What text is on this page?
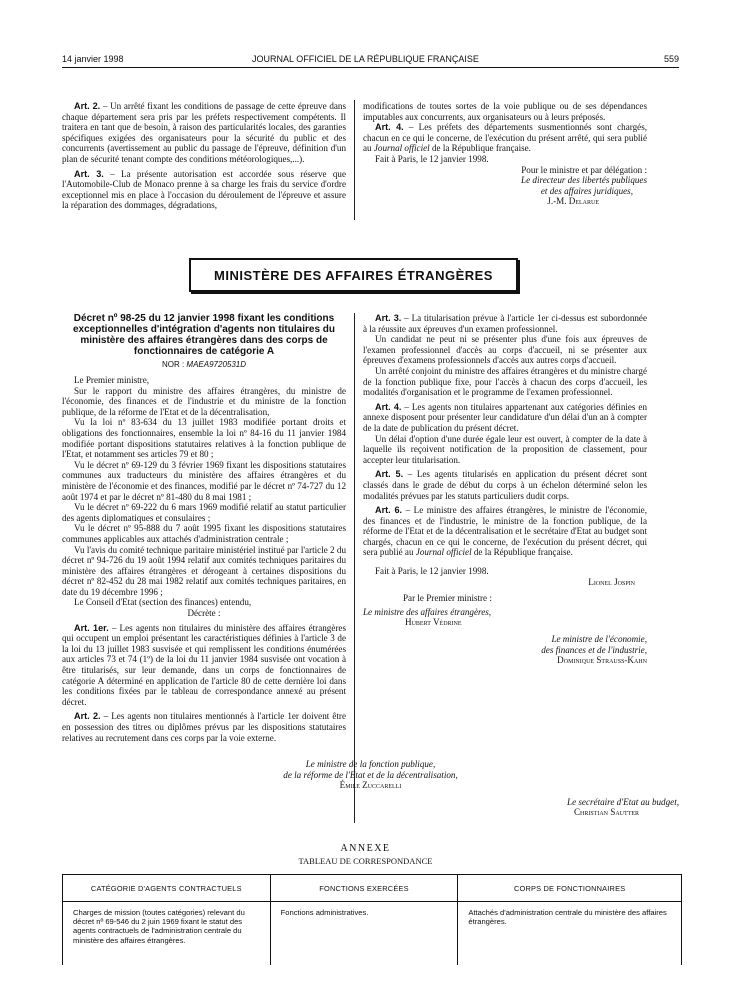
14 janvier 1998	JOURNAL OFFICIEL DE LA RÉPUBLIQUE FRANÇAISE	559

Art. 2. – Un arrêté fixant les conditions de passage de cette épreuve dans chaque département sera pris par les préfets respectivement compétents. Il traitera en tant que de besoin, à raison des particularités locales, des garanties spécifiques exigées des organisateurs pour la sécurité du public et des concurrents (avertissement au public du passage de l'épreuve, définition d'un plan de sécurité tenant compte des conditions météorologiques,...).

Art. 3. – La présente autorisation est accordée sous réserve que l'Automobile-Club de Monaco prenne à sa charge les frais du service d'ordre exceptionnel mis en place à l'occasion du déroulement de l'épreuve et assure la réparation des dommages, dégradations,

modifications de toutes sortes de la voie publique ou de ses dépendances imputables aux concurrents, aux organisateurs ou à leurs préposés.

Art. 4. – Les préfets des départements susmentionnés sont chargés, chacun en ce qui le concerne, de l'exécution du présent arrêté, qui sera publié au Journal officiel de la République française.

Fait à Paris, le 12 janvier 1998.

Pour le ministre et par délégation :

Le directeur des libertés publiques

et des affaires juridiques,

J.-M. Delarue

MINISTÈRE DES AFFAIRES ÉTRANGÈRES
Décret nº 98-25 du 12 janvier 1998 fixant les conditions exceptionnelles d'intégration d'agents non titulaires du ministère des affaires étrangères dans des corps de fonctionnaires de catégorie A
NOR : MAEA9720531D

Le Premier ministre,

Sur le rapport du ministre des affaires étrangères, du ministre de l'économie, des finances et de l'industrie et du ministre de la fonction publique, de la réforme de l'Etat et de la décentralisation,

Vu la loi nº 83-634 du 13 juillet 1983 modifiée portant droits et obligations des fonctionnaires, ensemble la loi nº 84-16 du 11 janvier 1984 modifiée portant dispositions statutaires relatives à la fonction publique de l'Etat, et notamment ses articles 79 et 80 ;

Vu le décret nº 69-129 du 3 février 1969 fixant les dispositions statutaires communes aux traducteurs du ministère des affaires étrangères et du ministère de l'économie et des finances, modifié par le décret nº 74-727 du 12 août 1974 et par le décret nº 81-480 du 8 mai 1981 ;

Vu le décret nº 69-222 du 6 mars 1969 modifié relatif au statut particulier des agents diplomatiques et consulaires ;

Vu le décret nº 95-888 du 7 août 1995 fixant les dispositions statutaires communes applicables aux attachés d'administration centrale ;

Vu l'avis du comité technique paritaire ministériel institué par l'article 2 du décret nº 94-726 du 19 août 1994 relatif aux comités techniques paritaires du ministère des affaires étrangères et dérogeant à certaines dispositions du décret nº 82-452 du 28 mai 1982 relatif aux comités techniques paritaires, en date du 19 décembre 1996 ;

Le Conseil d'Etat (section des finances) entendu,

Décrète :

Art. 1er. – Les agents non titulaires du ministère des affaires étrangères qui occupent un emploi présentant les caractéristiques définies à l'article 3 de la loi du 13 juillet 1983 susvisée et qui remplissent les conditions énumérées aux articles 73 et 74 (1º) de la loi du 11 janvier 1984 susvisée ont vocation à être titularisés, sur leur demande, dans un corps de fonctionnaires de catégorie A déterminé en application de l'article 80 de cette dernière loi dans les conditions fixées par le tableau de correspondance annexé au présent décret.

Art. 2. – Les agents non titulaires mentionnés à l'article 1er doivent être en possession des titres ou diplômes prévus par les dispositions statutaires relatives au recrutement dans ces corps par la voie externe.

Art. 3. – La titularisation prévue à l'article 1er ci-dessus est subordonnée à la réussite aux épreuves d'un examen professionnel.

Un candidat ne peut ni se présenter plus d'une fois aux épreuves de l'examen professionnel d'accès au corps d'accueil, ni se présenter aux épreuves d'examens professionnels d'accès aux autres corps d'accueil.

Un arrêté conjoint du ministre des affaires étrangères et du ministre chargé de la fonction publique fixe, pour l'accès à chacun des corps d'accueil, les modalités d'organisation et le programme de l'examen professionnel.

Art. 4. – Les agents non titulaires appartenant aux catégories définies en annexe disposent pour présenter leur candidature d'un délai d'un an à compter de la date de publication du présent décret.

Un délai d'option d'une durée égale leur est ouvert, à compter de la date à laquelle ils reçoivent notification de la proposition de classement, pour accepter leur titularisation.

Art. 5. – Les agents titularisés en application du présent décret sont classés dans le grade de début du corps à un échelon déterminé selon les modalités prévues par les statuts particuliers dudit corps.

Art. 6. – Le ministre des affaires étrangères, le ministre de l'économie, des finances et de l'industrie, le ministre de la fonction publique, de la réforme de l'Etat et de la décentralisation et le secrétaire d'Etat au budget sont chargés, chacun en ce qui le concerne, de l'exécution du présent décret, qui sera publié au Journal officiel de la République française.

Fait à Paris, le 12 janvier 1998.

Lionel Jospin

Par le Premier ministre :

Le ministre des affaires étrangères,

Hubert Védrine

Le ministre de l'économie,

des finances et de l'industrie,

Dominique Strauss-Kahn

Le ministre de la fonction publique,

de la réforme de l'Etat et de la décentralisation,

Émile Zuccarelli

Le secrétaire d'Etat au budget,

Christian Sautter

ANNEXE
TABLEAU DE CORRESPONDANCE
CATÉGORIE D'AGENTS CONTRACTUELS	FONCTIONS EXERCÉES	CORPS DE FONCTIONNAIRES
Charges de mission (toutes catégories) relevant du décret nº 69-546 du 2 juin 1969 fixant le statut des agents contractuels de l'administration centrale du ministère des affaires étrangères.	Fonctions administratives.	Attachés d'administration centrale du ministère des affaires étrangères.
